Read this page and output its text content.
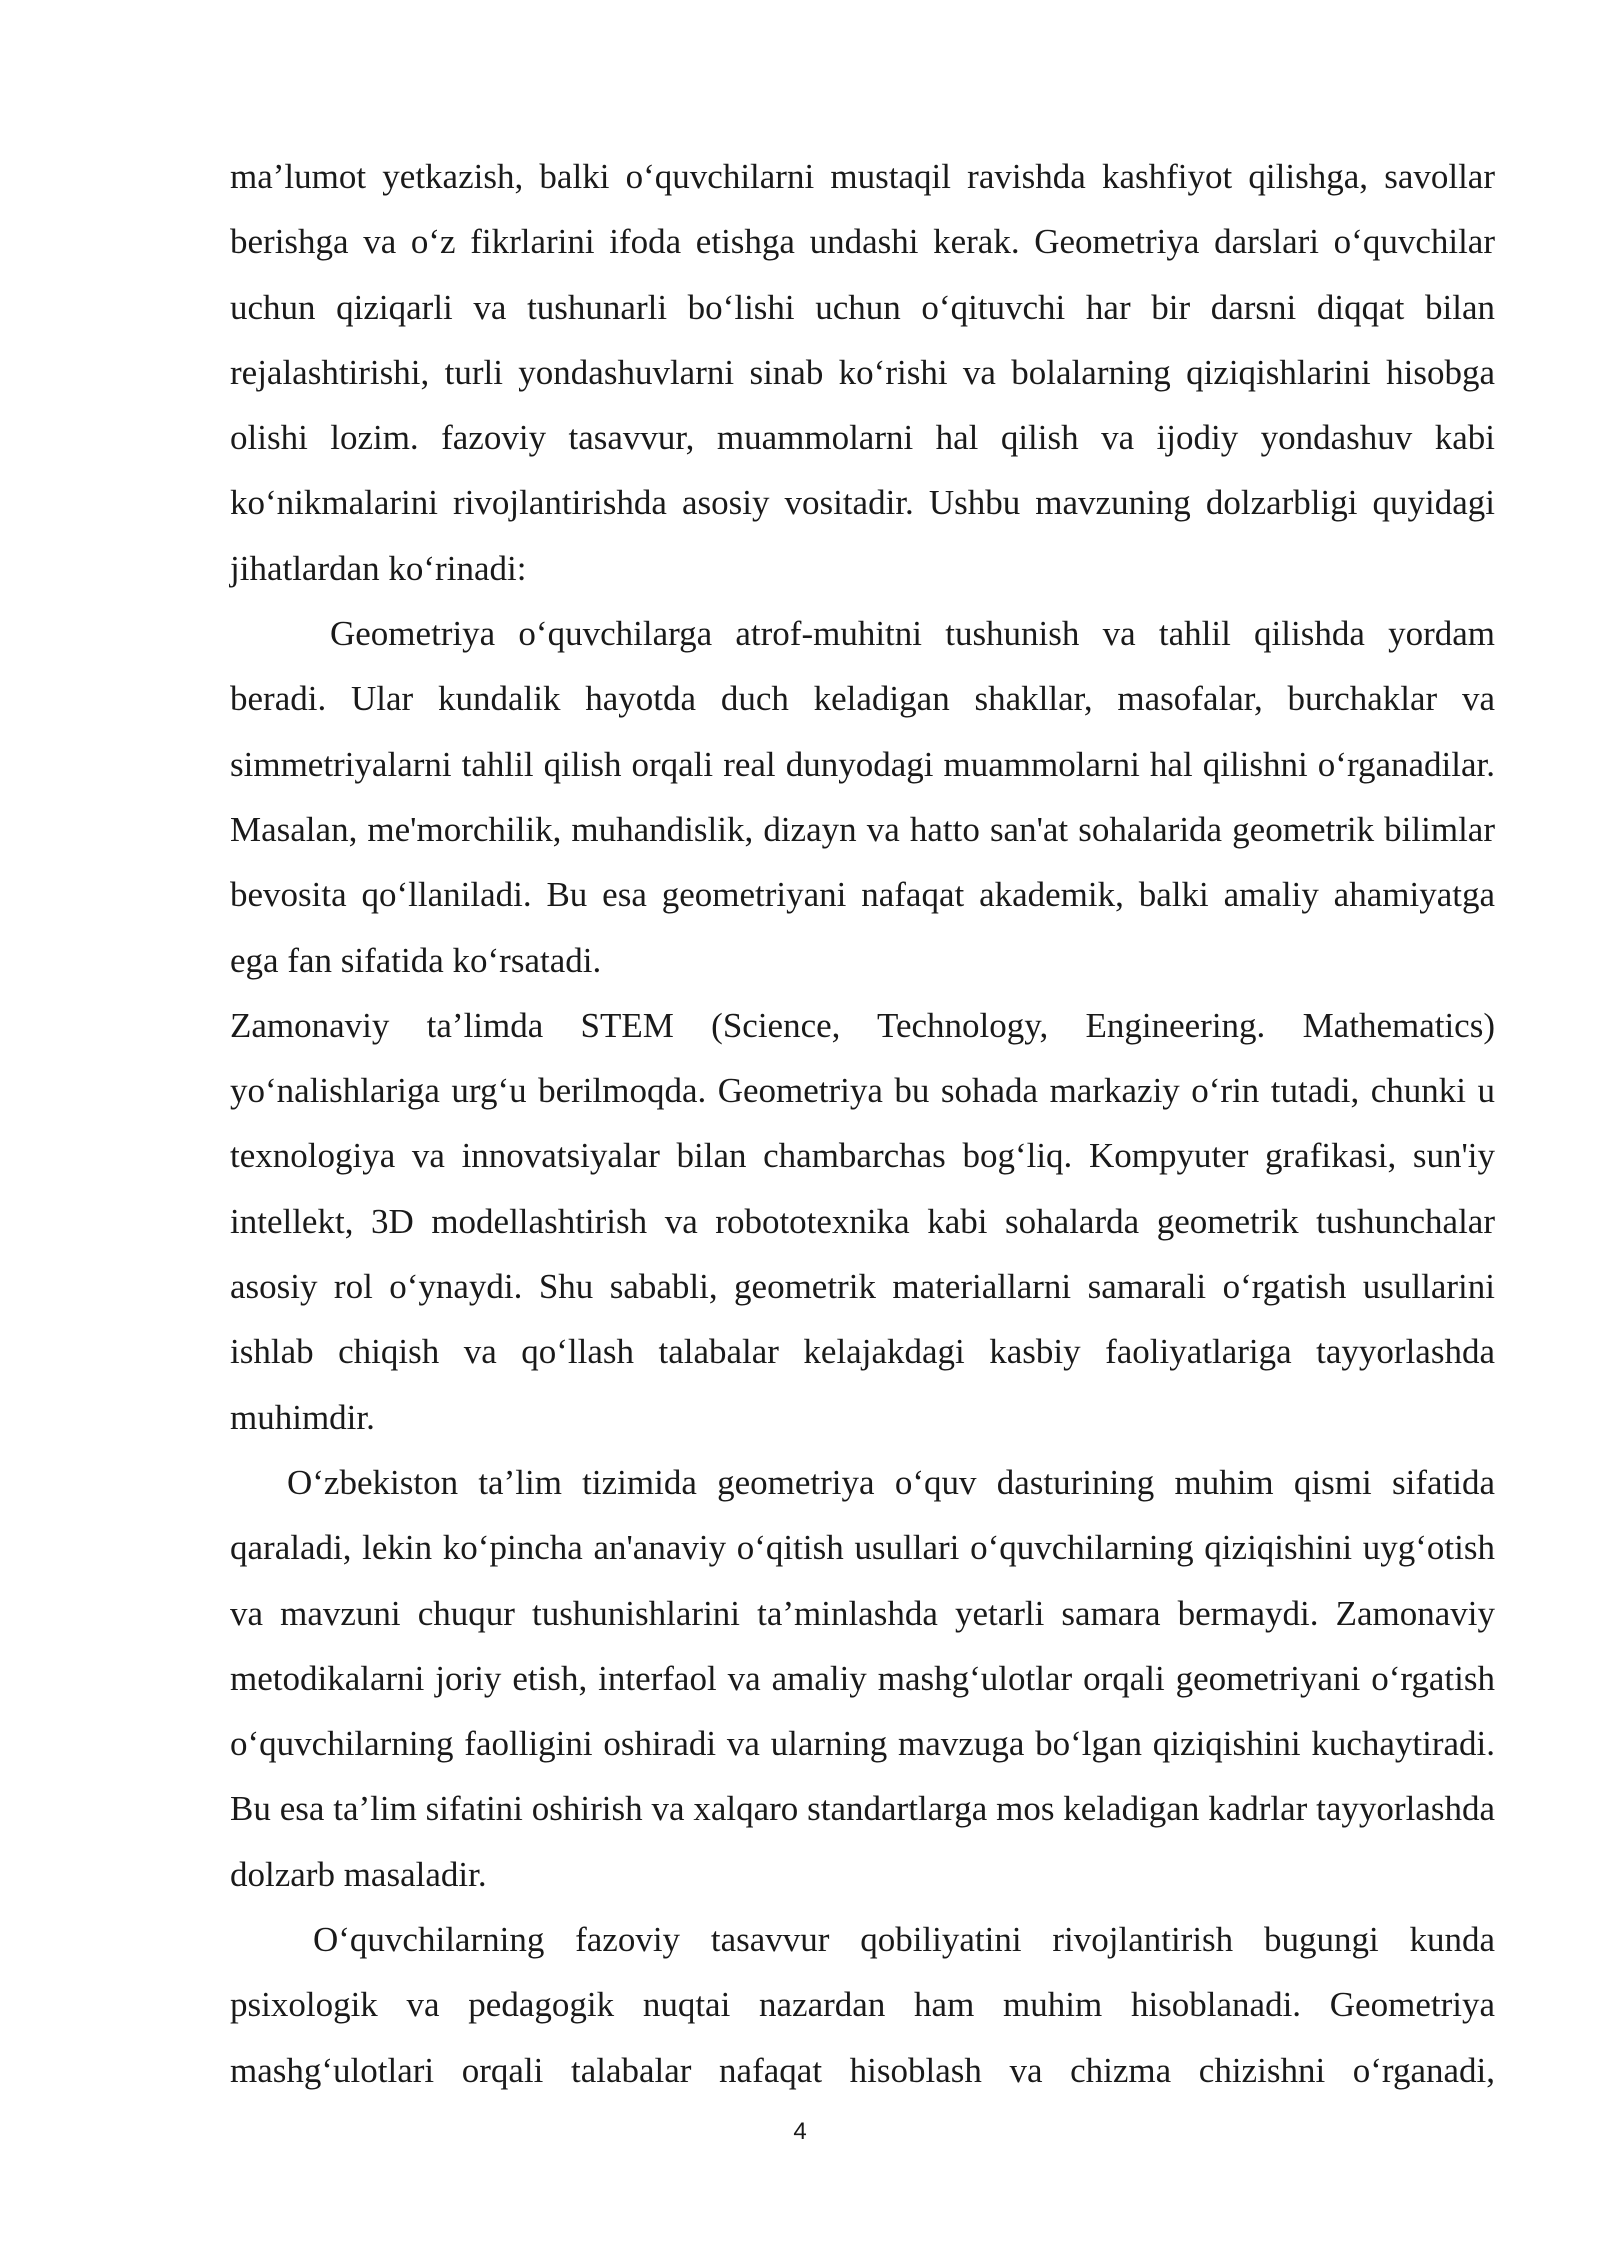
ma’lumot yetkazish, balki o‘quvchilarni mustaqil ravishda kashfiyot qilishga, savollar berishga va o‘z fikrlarini ifoda etishga undashi kerak. Geometriya darslari o‘quvchilar uchun qiziqarli va tushunarli bo‘lishi uchun o‘qituvchi har bir darsni diqqat bilan rejalashtirishi, turli yondashuvlarni sinab ko‘rishi va bolalarning qiziqishlarini hisobga olishi lozim. fazoviy tasavvur, muammolarni hal qilish va ijodiy yondashuv kabi ko‘nikmalarini rivojlantirishda asosiy vositadir. Ushbu mavzuning dolzarbligi quyidagi jihatlardan ko‘rinadi:

Geometriya o‘quvchilarga atrof-muhitni tushunish va tahlil qilishda yordam beradi. Ular kundalik hayotda duch keladigan shakllar, masofalar, burchaklar va simmetriyalarni tahlil qilish orqali real dunyodagi muammolarni hal qilishni o‘rganadilar. Masalan, me'morchilik, muhandislik, dizayn va hatto san'at sohalarida geometrik bilimlar bevosita qo‘llaniladi. Bu esa geometriyani nafaqat akademik, balki amaliy ahamiyatga ega fan sifatida ko‘rsatadi.

Zamonaviy ta’limda STEM (Science, Technology, Engineering. Mathematics) yo‘nalishlariga urg‘u berilmoqda. Geometriya bu sohada markaziy o‘rin tutadi, chunki u texnologiya va innovatsiyalar bilan chambarchas bog‘liq. Kompyuter grafikasi, sun'iy intellekt, 3D modellashtirish va robototexnika kabi sohalarda geometrik tushunchalar asosiy rol o‘ynaydi. Shu sababli, geometrik materiallarni samarali o‘rgatish usullarini ishlab chiqish va qo‘llash talabalar kelajakdagi kasbiy faoliyatlariga tayyorlashda muhimdir.

O‘zbekiston ta’lim tizimida geometriya o‘quv dasturining muhim qismi sifatida qaraladi, lekin ko‘pincha an'anaviy o‘qitish usullari o‘quvchilarning qiziqishini uyg‘otish va mavzuni chuqur tushunishlarini ta’minlashda yetarli samara bermaydi. Zamonaviy metodikalarni joriy etish, interfaol va amaliy mashg‘ulotlar orqali geometriyani o‘rgatish o‘quvchilarning faolligini oshiradi va ularning mavzuga bo‘lgan qiziqishini kuchaytiradi. Bu esa ta’lim sifatini oshirish va xalqaro standartlarga mos keladigan kadrlar tayyorlashda dolzarb masaladir.

O‘quvchilarning fazoviy tasavvur qobiliyatini rivojlantirish bugungi kunda psixologik va pedagogik nuqtai nazardan ham muhim hisoblanadi. Geometriya mashg‘ulotlari orqali talabalar nafaqat hisoblash va chizma chizishni o‘rganadi,

4
